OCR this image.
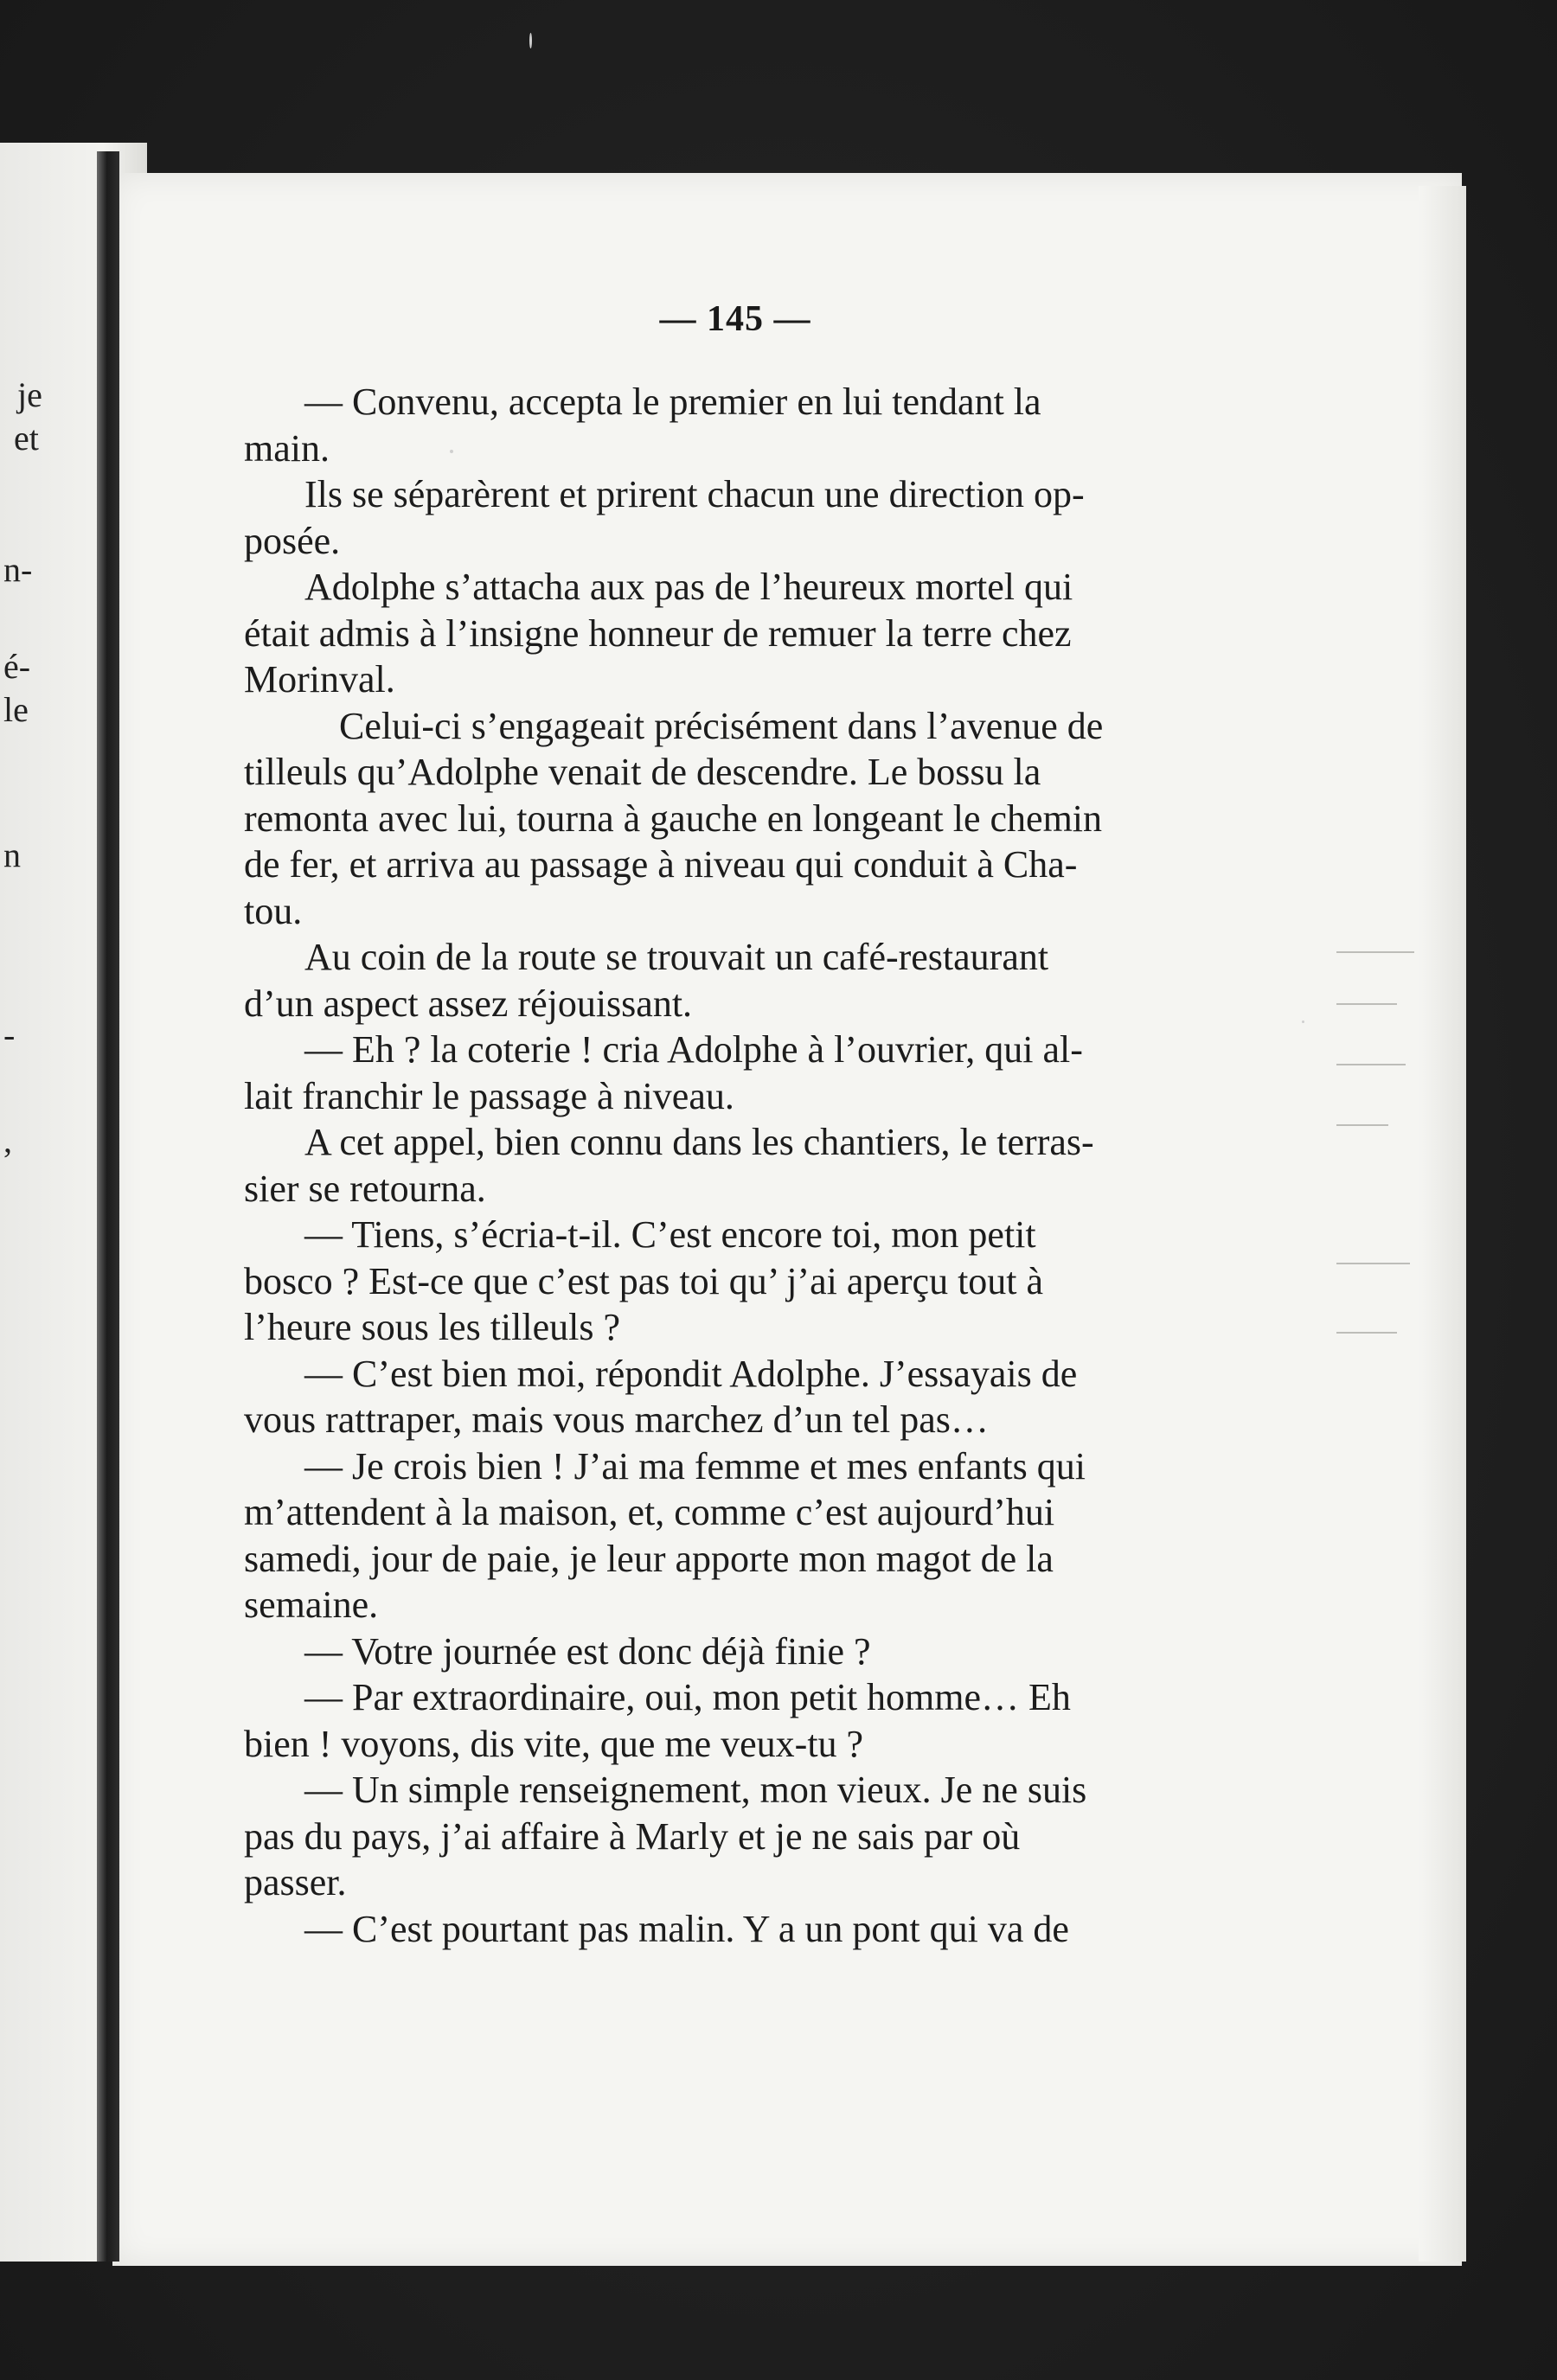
je
et
n-
é-
le
n
-
,
— 145 —
— Convenu, accepta le premier en lui tendant la
main.
Ils se séparèrent et prirent chacun une direction op-
posée.
Adolphe s’attacha aux pas de l’heureux mortel qui
était admis à l’insigne honneur de remuer la terre chez
Morinval.
Celui-ci s’engageait précisément dans l’avenue de
tilleuls qu’Adolphe venait de descendre. Le bossu la
remonta avec lui, tourna à gauche en longeant le chemin
de fer, et arriva au passage à niveau qui conduit à Cha-
tou.
Au coin de la route se trouvait un café-restaurant
d’un aspect assez réjouissant.
— Eh ? la coterie ! cria Adolphe à l’ouvrier, qui al-
lait franchir le passage à niveau.
A cet appel, bien connu dans les chantiers, le terras-
sier se retourna.
— Tiens, s’écria-t-il. C’est encore toi, mon petit
bosco ? Est-ce que c’est pas toi qu’ j’ai aperçu tout à
l’heure sous les tilleuls ?
— C’est bien moi, répondit Adolphe. J’essayais de
vous rattraper, mais vous marchez d’un tel pas…
— Je crois bien ! J’ai ma femme et mes enfants qui
m’attendent à la maison, et, comme c’est aujourd’hui
samedi, jour de paie, je leur apporte mon magot de la
semaine.
— Votre journée est donc déjà finie ?
— Par extraordinaire, oui, mon petit homme… Eh
bien ! voyons, dis vite, que me veux-tu ?
— Un simple renseignement, mon vieux. Je ne suis
pas du pays, j’ai affaire à Marly et je ne sais par où
passer.
— C’est pourtant pas malin. Y a un pont qui va de
